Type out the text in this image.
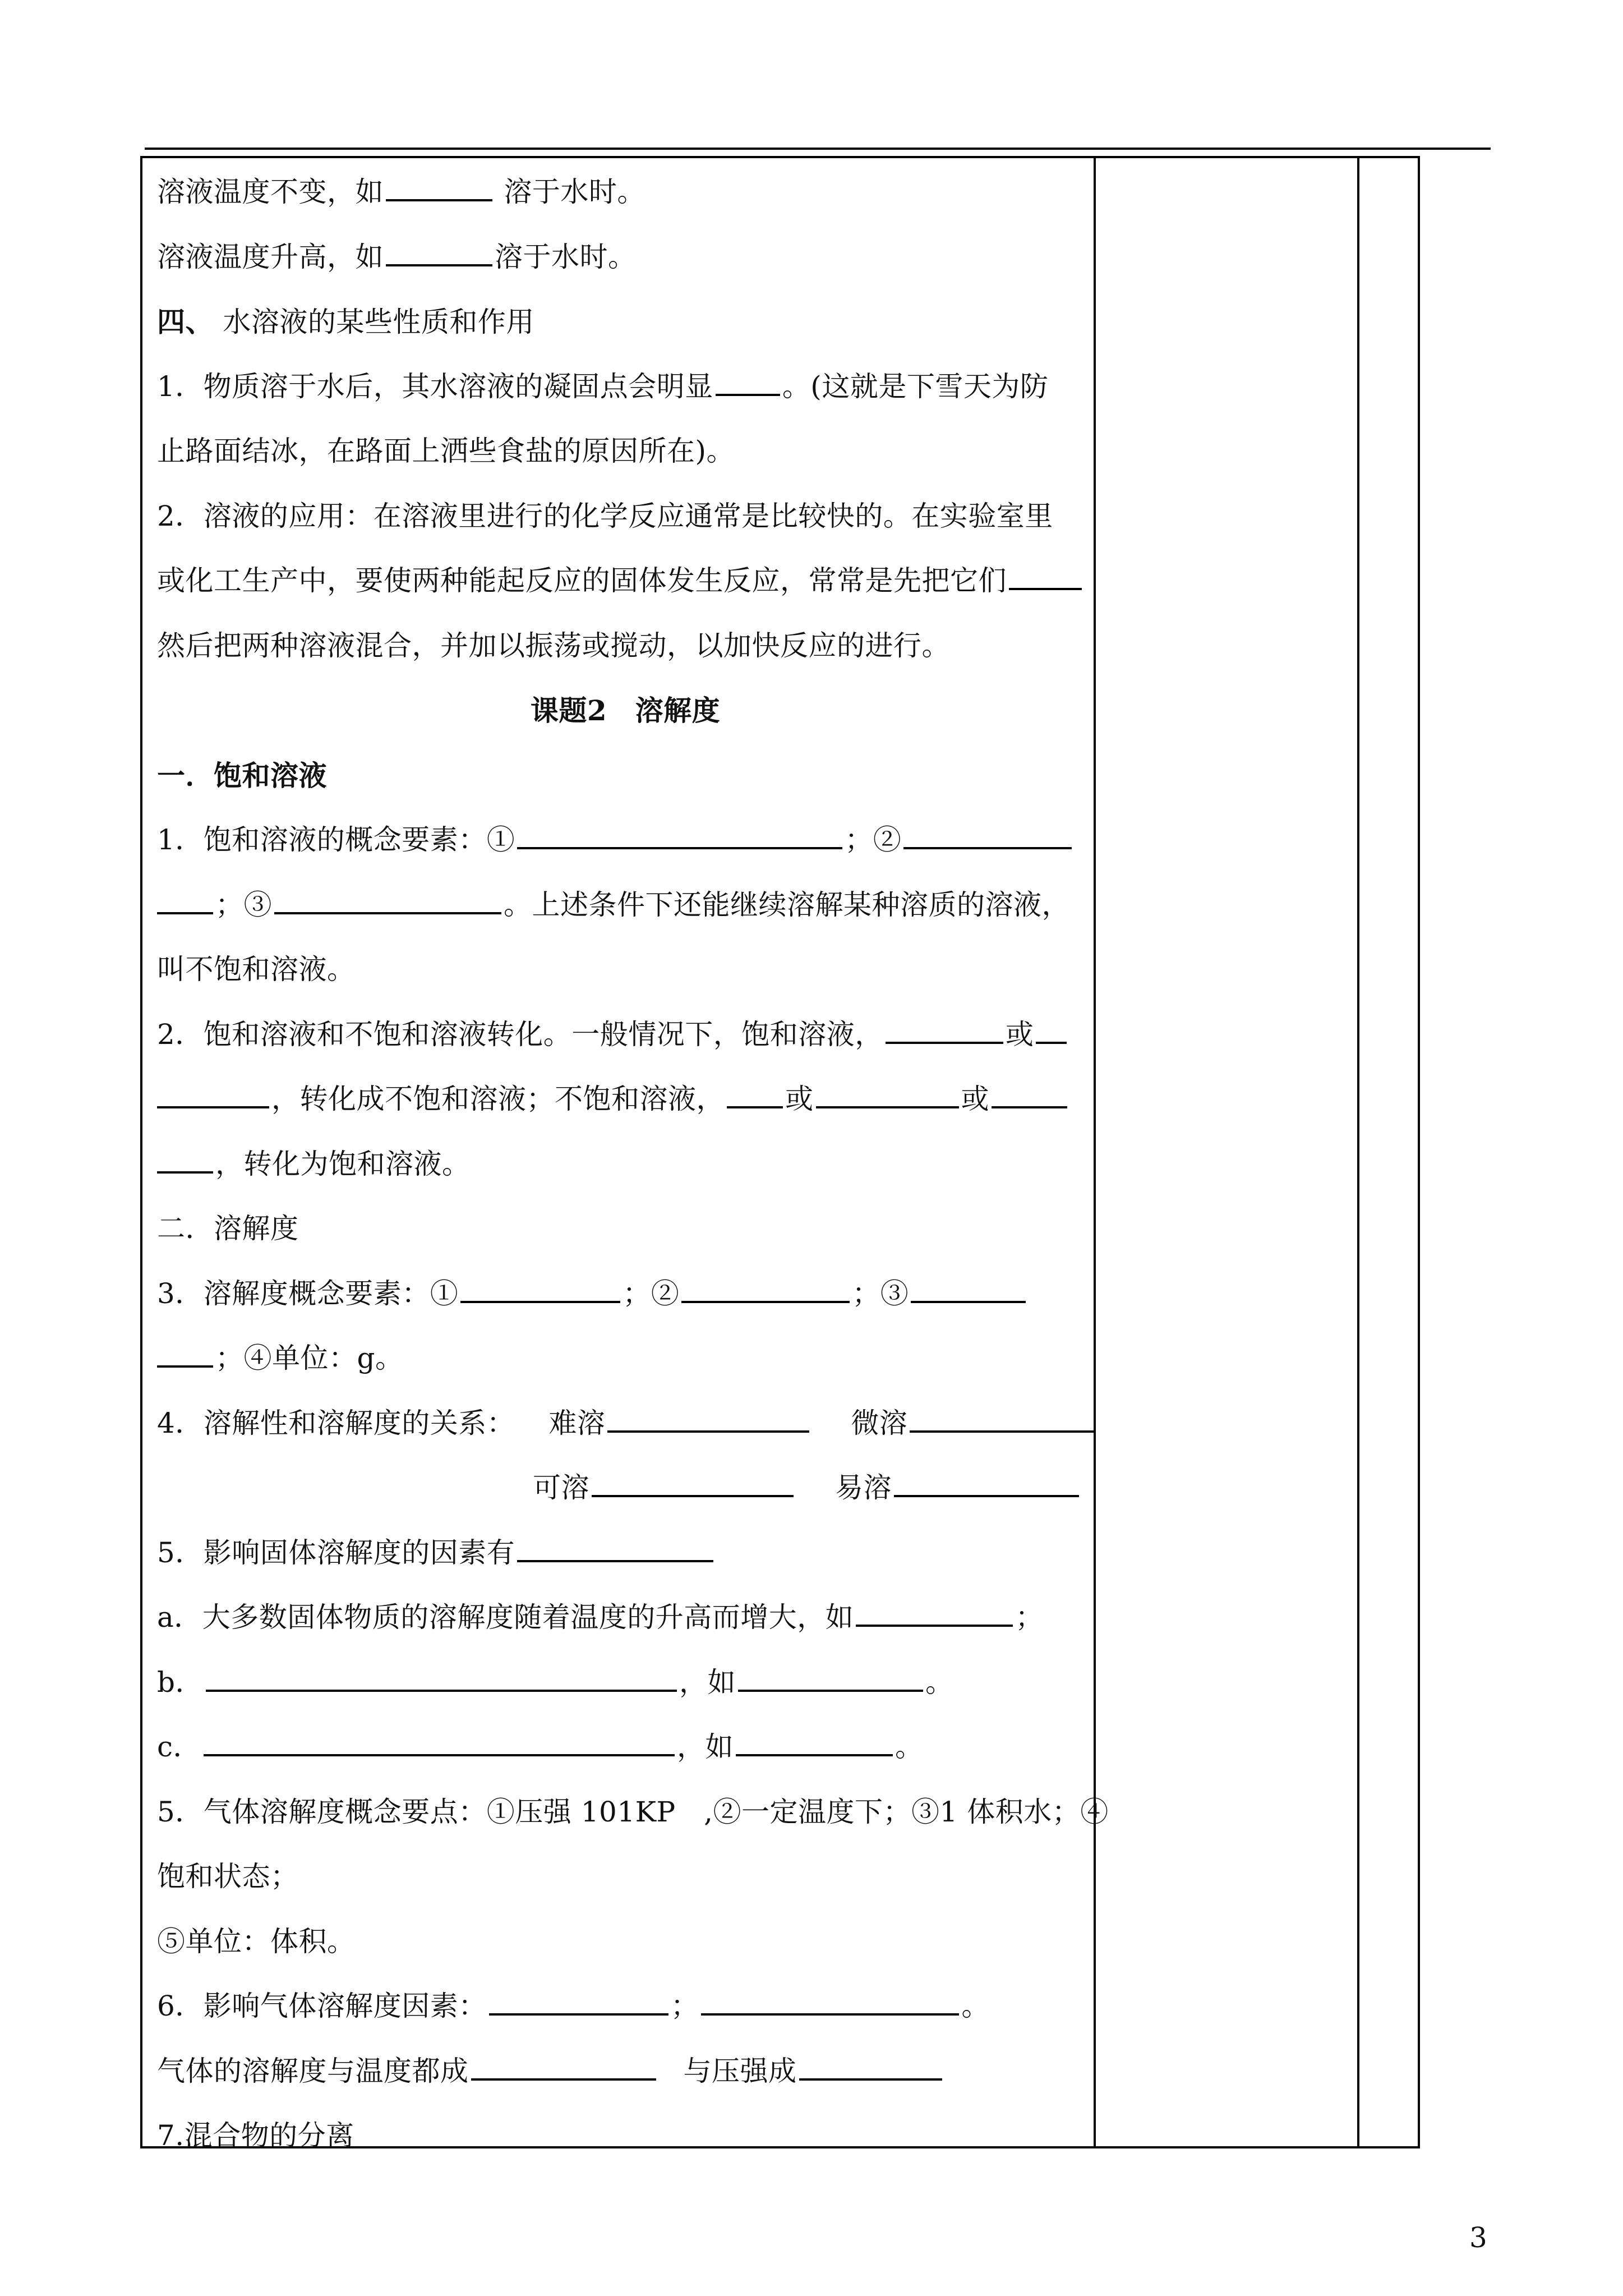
溶液温度不变，如	溶于水时。
溶液温度升高，如	溶于水时。
四、 水溶液的某些性质和作用
1．物质溶于水后，其水溶液的凝固点会明显 。(这就是下雪天为防
止路面结冰，在路面上洒些食盐的原因所在)。
2．溶液的应用：在溶液里进行的化学反应通常是比较快的。在实验室里
或化工生产中，要使两种能起反应的固体发生反应，常常是先把它们
然后把两种溶液混合，并加以振荡或搅动，以加快反应的进行。
课题2　溶解度
一．饱和溶液
1．饱和溶液的概念要素：①	；②
；③	。上述条件下还能继续溶解某种溶质的溶液，
叫不饱和溶液。
2．饱和溶液和不饱和溶液转化。一般情况下，饱和溶液，	或
，转化成不饱和溶液；不饱和溶液， 或	或
，转化为饱和溶液。
二．溶解度
3．溶解度概念要素：①	；②	；③
；④单位：g。
4．溶解性和溶解度的关系： 难溶	微溶
可溶	易溶
5．影响固体溶解度的因素有
a．大多数固体物质的溶解度随着温度的升高而增大，如	；
b．	，如	。
c．	，如	。
5．气体溶解度概念要点：①压强 101KP　,②一定温度下；③1 体积水；④
饱和状态；
⑤单位：体积。
6．影响气体溶解度因素：	；	。
气体的溶解度与温度都成	与压强成
7.混合物的分离
3
